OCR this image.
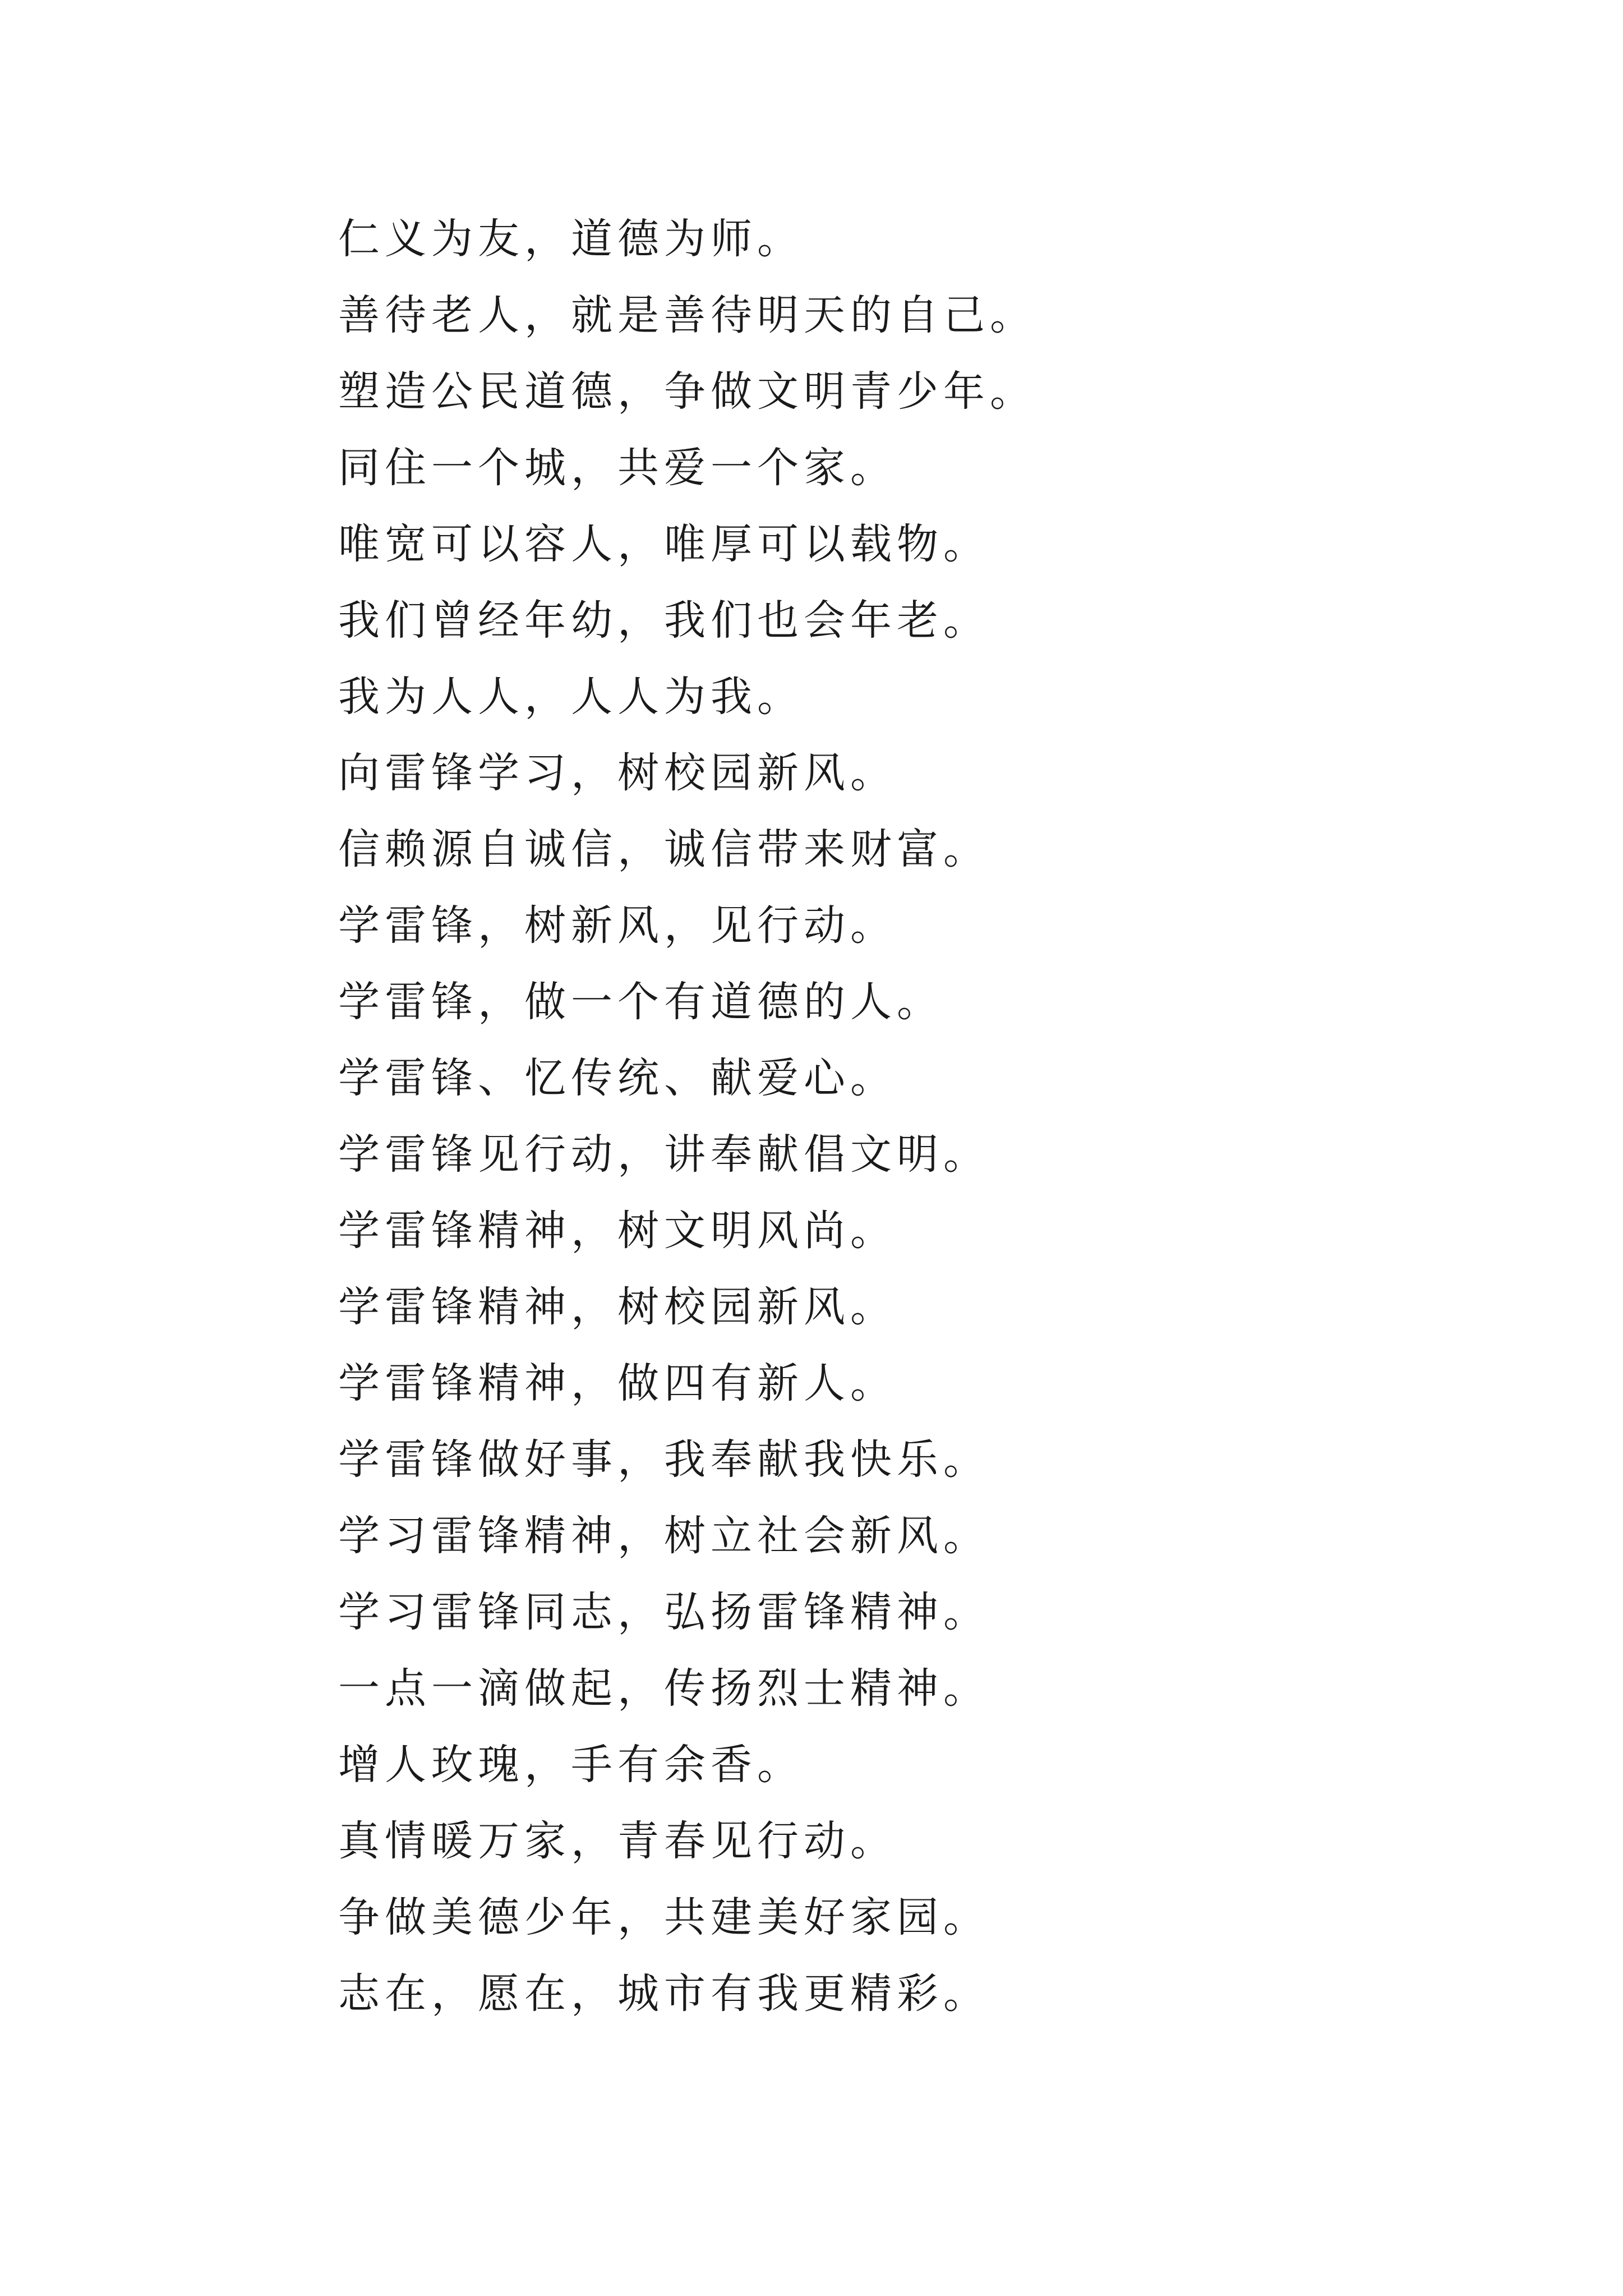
仁义为友，道德为师。
善待老人，就是善待明天的自己。
塑造公民道德，争做文明青少年。
同住一个城，共爱一个家。
唯宽可以容人，唯厚可以载物。
我们曾经年幼，我们也会年老。
我为人人，人人为我。
向雷锋学习，树校园新风。
信赖源自诚信，诚信带来财富。
学雷锋，树新风，见行动。
学雷锋，做一个有道德的人。
学雷锋、忆传统、献爱心。
学雷锋见行动，讲奉献倡文明。
学雷锋精神，树文明风尚。
学雷锋精神，树校园新风。
学雷锋精神，做四有新人。
学雷锋做好事，我奉献我快乐。
学习雷锋精神，树立社会新风。
学习雷锋同志，弘扬雷锋精神。
一点一滴做起，传扬烈士精神。
增人玫瑰，手有余香。
真情暖万家，青春见行动。
争做美德少年，共建美好家园。
志在，愿在，城市有我更精彩。
